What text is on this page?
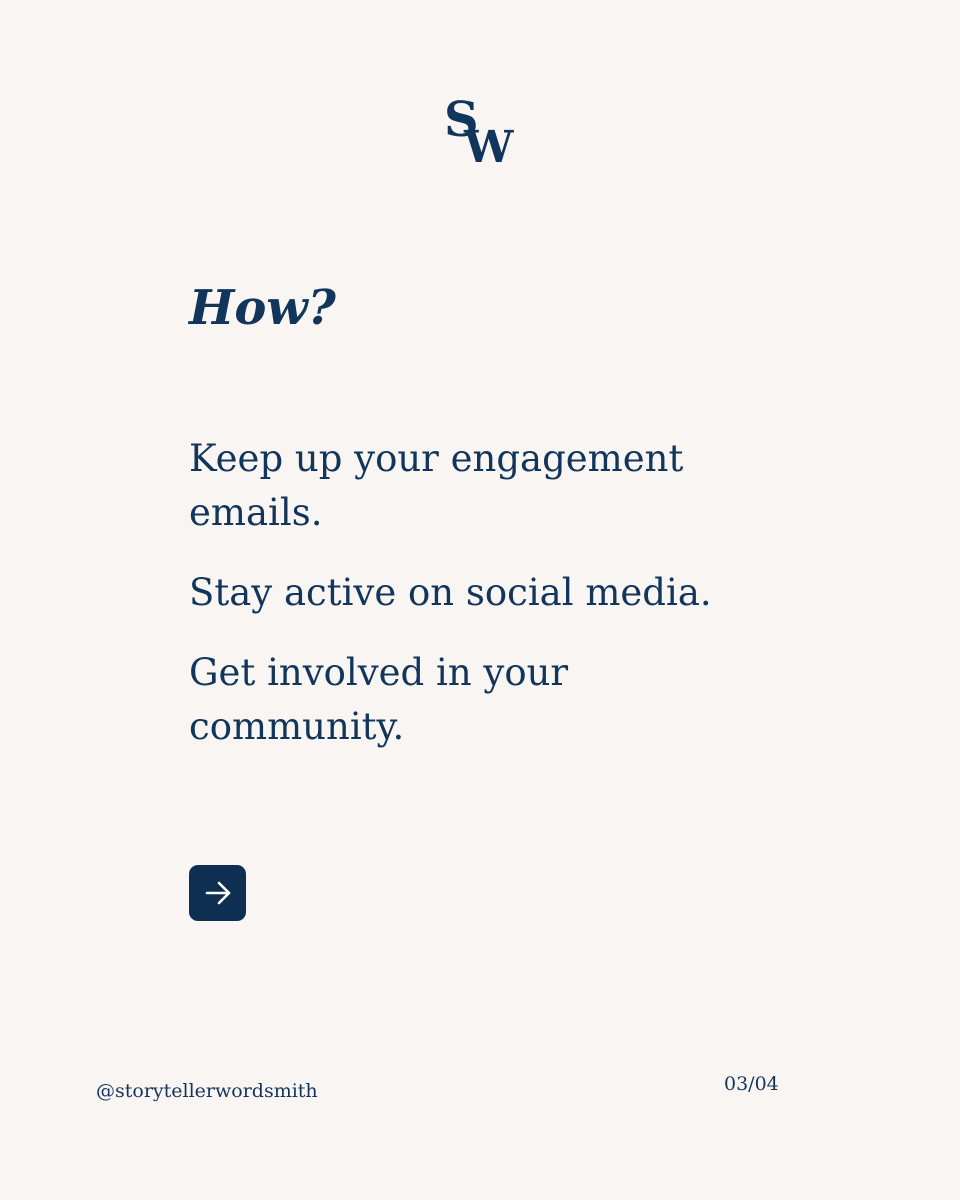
S
W
How?

Keep up your engagement emails.

Stay active on social media.

Get involved in your community.

@storytellerwordsmith	03/04
